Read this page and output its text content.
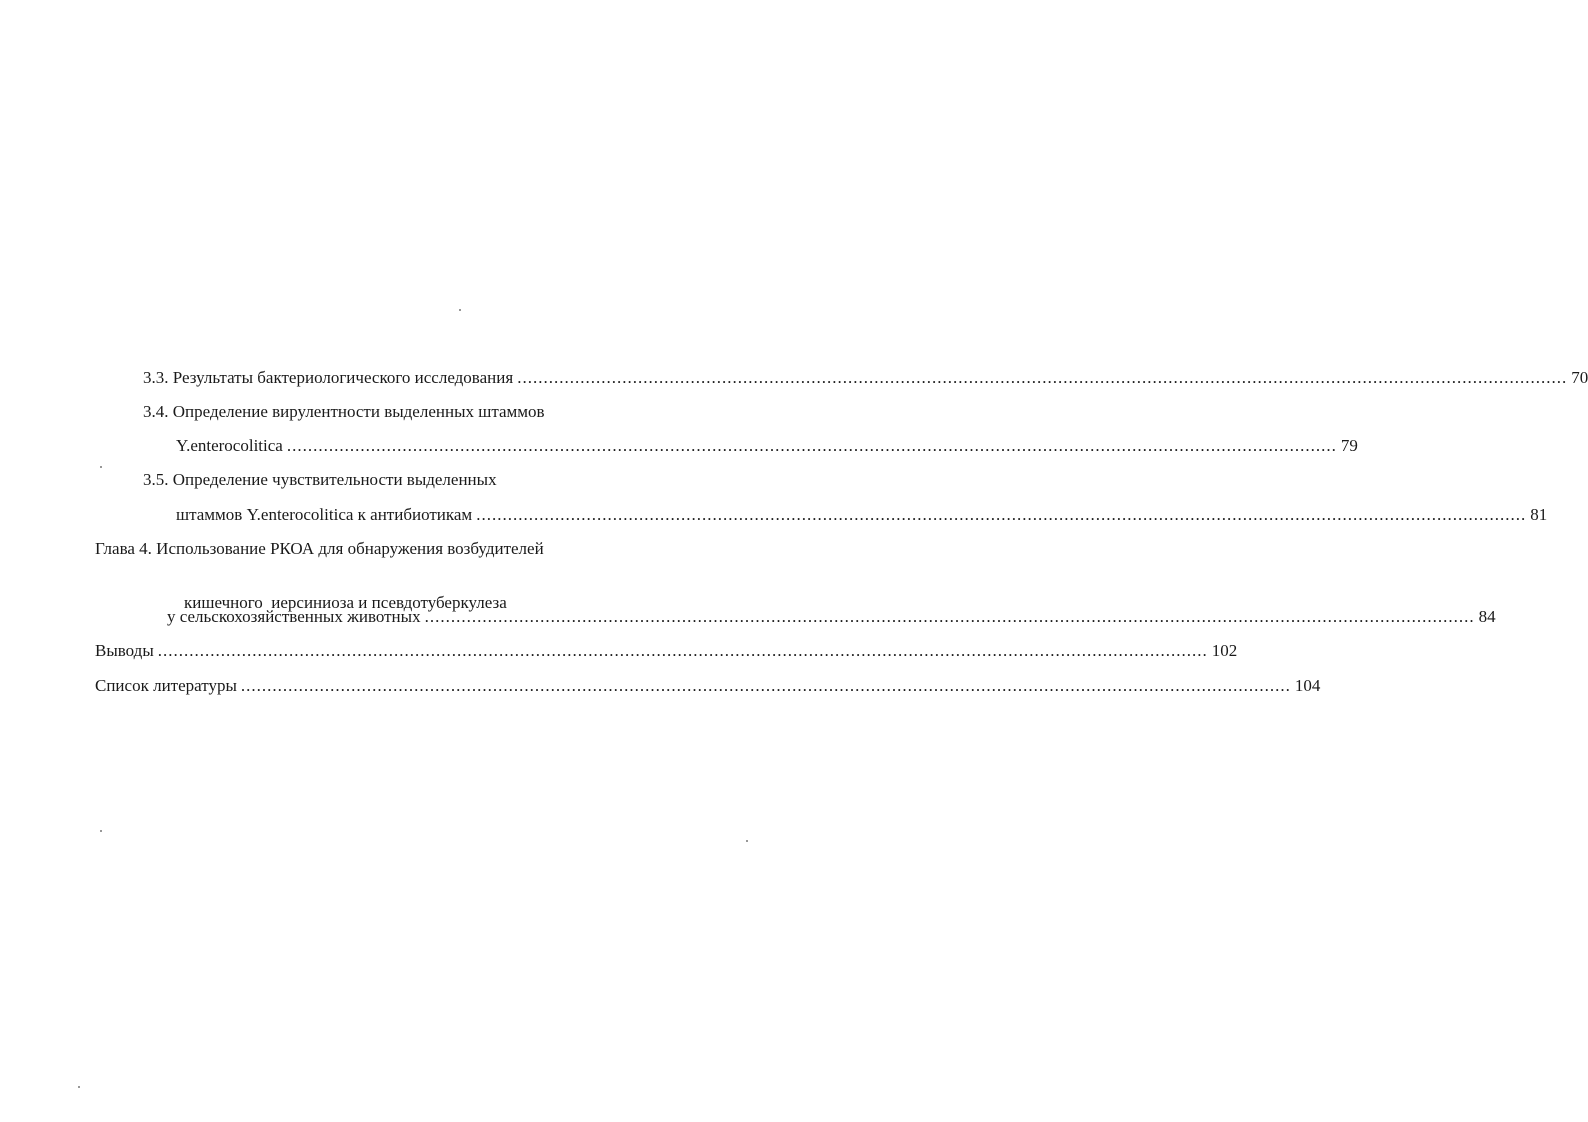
3.3. Результаты бактериологического исследования ........................................................................................................................................................................................................ 70
3.4. Определение вирулентности выделенных штаммов
Y.enterocolitica ........................................................................................................................................................................................................ 79
3.5. Определение чувствительности выделенных
штаммов Y.enterocolitica к антибиотикам ........................................................................................................................................................................................................ 81
Глава 4. Использование РКОА для обнаружения возбудителей

кишечного  иерсиниоза и псевдотуберкулеза

у сельскохозяйственных животных ........................................................................................................................................................................................................ 84
Выводы ........................................................................................................................................................................................................ 102
Список литературы ........................................................................................................................................................................................................ 104
